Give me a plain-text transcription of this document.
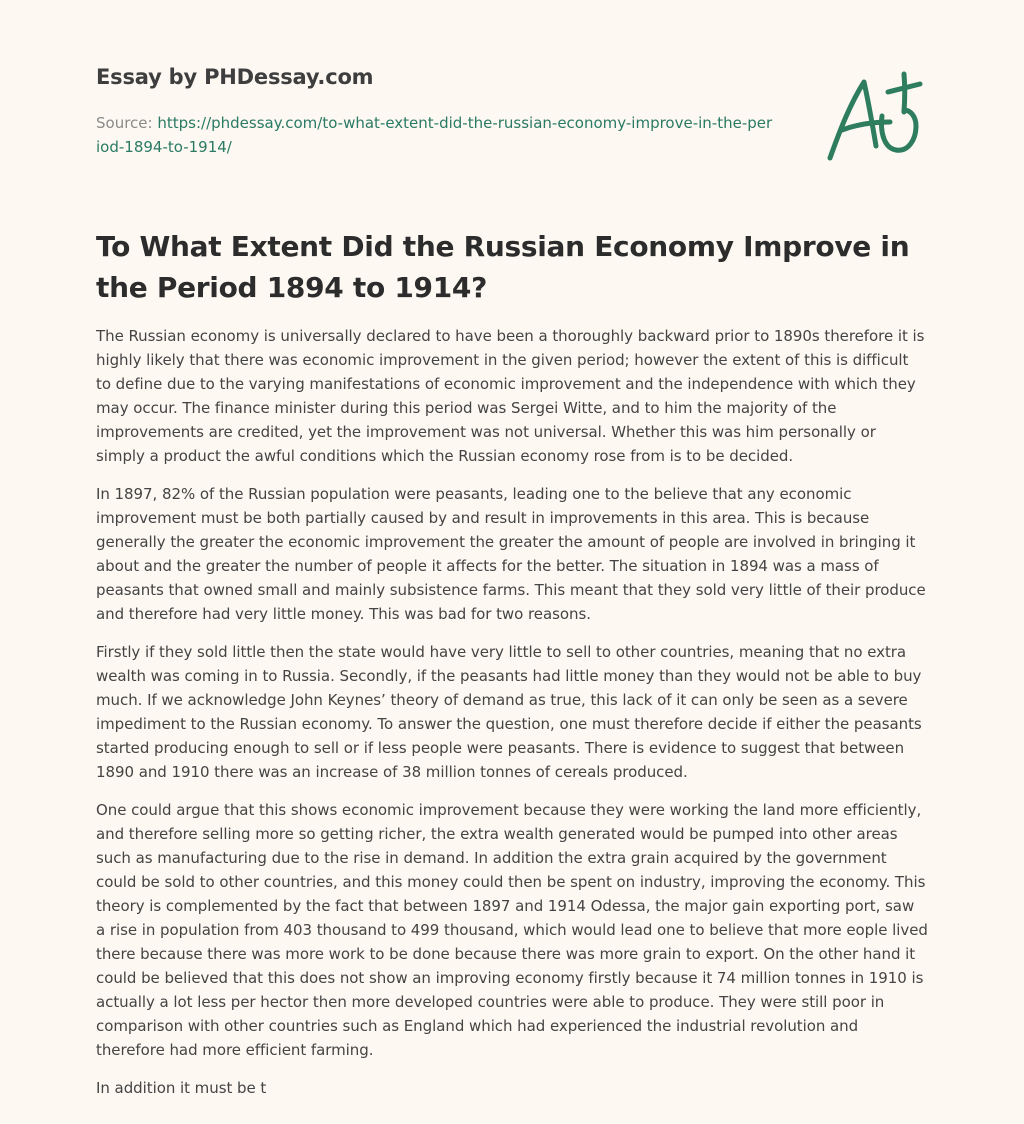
Essay by PHDessay.com
Source: https://phdessay.com/to-what-extent-did-the-russian-economy-improve-in-the-period-1894-to-1914/
To What Extent Did the Russian Economy Improve in the Period 1894 to 1914?

The Russian economy is universally declared to have been a thoroughly backward prior to 1890s therefore it is highly likely that there was economic improvement in the given period; however the extent of this is difficult to define due to the varying manifestations of economic improvement and the independence with which they may occur. The finance minister during this period was Sergei Witte, and to him the majority of the improvements are credited, yet the improvement was not universal. Whether this was him personally or simply a product the awful conditions which the Russian economy rose from is to be decided.

In 1897, 82% of the Russian population were peasants, leading one to the believe that any economic improvement must be both partially caused by and result in improvements in this area. This is because generally the greater the economic improvement the greater the amount of people are involved in bringing it about and the greater the number of people it affects for the better. The situation in 1894 was a mass of peasants that owned small and mainly subsistence farms. This meant that they sold very little of their produce and therefore had very little money. This was bad for two reasons.

Firstly if they sold little then the state would have very little to sell to other countries, meaning that no extra wealth was coming in to Russia. Secondly, if the peasants had little money than they would not be able to buy much. If we acknowledge John Keynes’ theory of demand as true, this lack of it can only be seen as a severe impediment to the Russian economy. To answer the question, one must therefore decide if either the peasants started producing enough to sell or if less people were peasants. There is evidence to suggest that between 1890 and 1910 there was an increase of 38 million tonnes of cereals produced.

One could argue that this shows economic improvement because they were working the land more efficiently, and therefore selling more so getting richer, the extra wealth generated would be pumped into other areas such as manufacturing due to the rise in demand. In addition the extra grain acquired by the government could be sold to other countries, and this money could then be spent on industry, improving the economy. This theory is complemented by the fact that between 1897 and 1914 Odessa, the major gain exporting port, saw a rise in population from 403 thousand to 499 thousand, which would lead one to believe that more eople lived there because there was more work to be done because there was more grain to export. On the other hand it could be believed that this does not show an improving economy firstly because it 74 million tonnes in 1910 is actually a lot less per hector then more developed countries were able to produce. They were still poor in comparison with other countries such as England which had experienced the industrial revolution and therefore had more efficient farming.

In addition it must be t
